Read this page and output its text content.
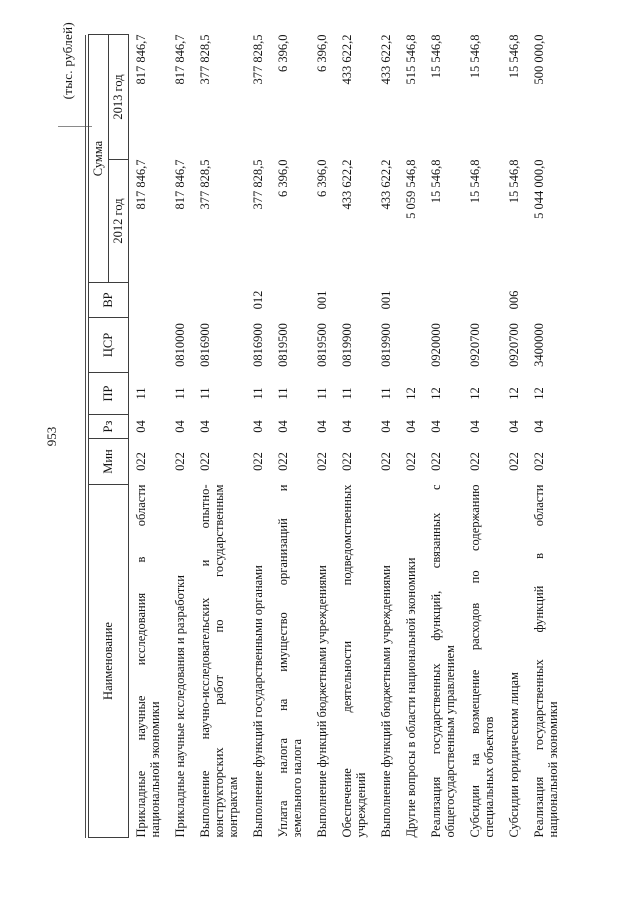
953
(тыс. рублей)
Наименование	Мин	Рз	ПР	ЦСР	ВР	Сумма	
						2012 год	2013 год

Прикладные научные исследования в области национальной экономики	022	04	11			817 846,7	817 846,7

Прикладные научные исследования и разработки	022	04	11	0810000		817 846,7	817 846,7

Выполнение научно-исследовательских и опытно- конструкторских работ по государственным контрактам	022	04	11	0816900		377 828,5	377 828,5

Выполнение функций государственными органами	022	04	11	0816900	012	377 828,5	377 828,5

Уплата налога на имущество организаций и земельного налога	022	04	11	0819500		6 396,0	6 396,0

Выполнение функций бюджетными учреждениями	022	04	11	0819500	001	6 396,0	6 396,0

Обеспечение деятельности подведомственных учреждений	022	04	11	0819900		433 622,2	433 622,2

Выполнение функций бюджетными учреждениями	022	04	11	0819900	001	433 622,2	433 622,2

Другие вопросы в области национальной экономики	022	04	12			5 059 546,8	515 546,8

Реализация государственных функций, связанных с общегосударственным управлением	022	04	12	0920000		15 546,8	15 546,8

Субсидии на возмещение расходов по содержанию специальных объектов	022	04	12	0920700		15 546,8	15 546,8

Субсидии юридическим лицам	022	04	12	0920700	006	15 546,8	15 546,8

Реализация государственных функций в области национальной экономики	022	04	12	3400000		5 044 000,0	500 000,0
